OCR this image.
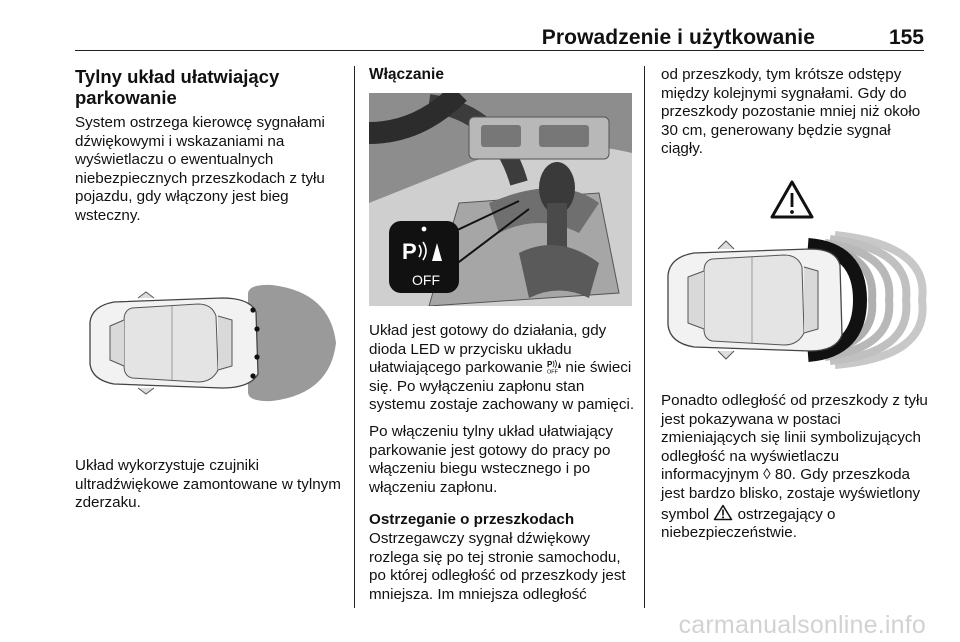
Prowadzenie i użytkowanie	155

Tylny układ ułatwiający parkowanie

System ostrzega kierowcę sygnałami dźwiękowymi i wskazaniami na wyświetlaczu o ewentualnych niebezpiecznych przeszkodach z tyłu pojazdu, gdy włączony jest bieg wsteczny.

Układ wykorzystuje czujniki ultradźwiękowe zamontowane w tylnym zderzaku.

Włączanie

P
OFF

Układ jest gotowy do działania, gdy dioda LED w przycisku układu ułatwiającego parkowanie P
OFF nie świeci się. Po wyłączeniu zapłonu stan systemu zostaje zachowany w pamięci.

Po włączeniu tylny układ ułatwiający parkowanie jest gotowy do pracy po włączeniu biegu wstecznego i po włączeniu zapłonu.

Ostrzeganie o przeszkodach

Ostrzegawczy sygnał dźwiękowy rozlega się po tej stronie samochodu, po której odległość od przeszkody jest mniejsza. Im mniejsza odległość

od przeszkody, tym krótsze odstępy między kolejnymi sygnałami. Gdy do przeszkody pozostanie mniej niż około 30 cm, generowany będzie sygnał ciągły.

Ponadto odległość od przeszkody z tyłu jest pokazywana w postaci zmieniających się linii symbolizujących odległość na wyświetlaczu informacyjnym ◊ 80. Gdy przeszkoda jest bardzo blisko, zostaje wyświetlony symbol ostrzegający o niebezpieczeństwie.

carmanualsonline.info
